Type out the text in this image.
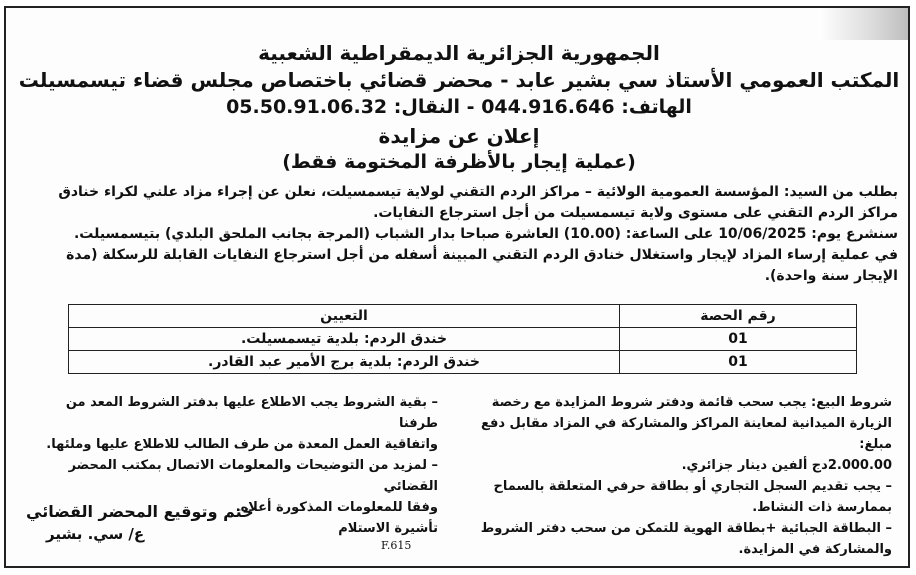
الجمهورية الجزائرية الديمقراطية الشعبية
المكتب العمومي الأستاذ سي بشير عابد - محضر قضائي باختصاص مجلس قضاء تيسمسيلت
الهاتف: 044.916.646 - النقال: 05.50.91.06.32
إعلان عن مزايدة
(عملية إيجار بالأظرفة المختومة فقط)
بطلب من السيد: المؤسسة العمومية الولائية – مراكز الردم التقني لولاية تيسمسيلت، نعلن عن إجراء مزاد علني لكراء خنادق مراكز الردم التقني على مستوى ولاية تيسمسيلت من أجل استرجاع النفايات.
سنشرع يوم: 10/06/2025 على الساعة: (10.00) العاشرة صباحا بدار الشباب (المرجة بجانب الملحق البلدي) بتيسمسيلت.
في عملية إرساء المزاد لإيجار واستغلال خنادق الردم التقني المبينة أسفله من أجل استرجاع النفايات القابلة للرسكلة (مدة الإيجار سنة واحدة).
رقم الحصة	التعيين
01	خندق الردم: بلدية تيسمسيلت.
01	خندق الردم: بلدية برج الأمير عبد القادر.
شروط البيع: يجب سحب قائمة ودفتر شروط المزايدة مع رخصة
الزيارة الميدانية لمعاينة المراكز والمشاركة في المزاد مقابل دفع مبلغ:
2.000.00دج ألفين دينار جزائري.
– يجب تقديم السجل التجاري أو بطاقة حرفي المتعلقة بالسماح
بممارسة ذات النشاط.
– البطاقة الجبائية +بطاقة الهوية للتمكن من سحب دفتر الشروط
والمشاركة في المزايدة.
– بقية الشروط يجب الاطلاع عليها بدفتر الشروط المعد من طرفنا
واتفاقية العمل المعدة من طرف الطالب للاطلاع عليها وملئها.
– لمزيد من التوضيحات والمعلومات الاتصال بمكتب المحضر القضائي
وفقا للمعلومات المذكورة أعلاه.
تأشيرة الاستلام
ختم وتوقيع المحضر القضائي
ع/ سي. بشير
F.615
